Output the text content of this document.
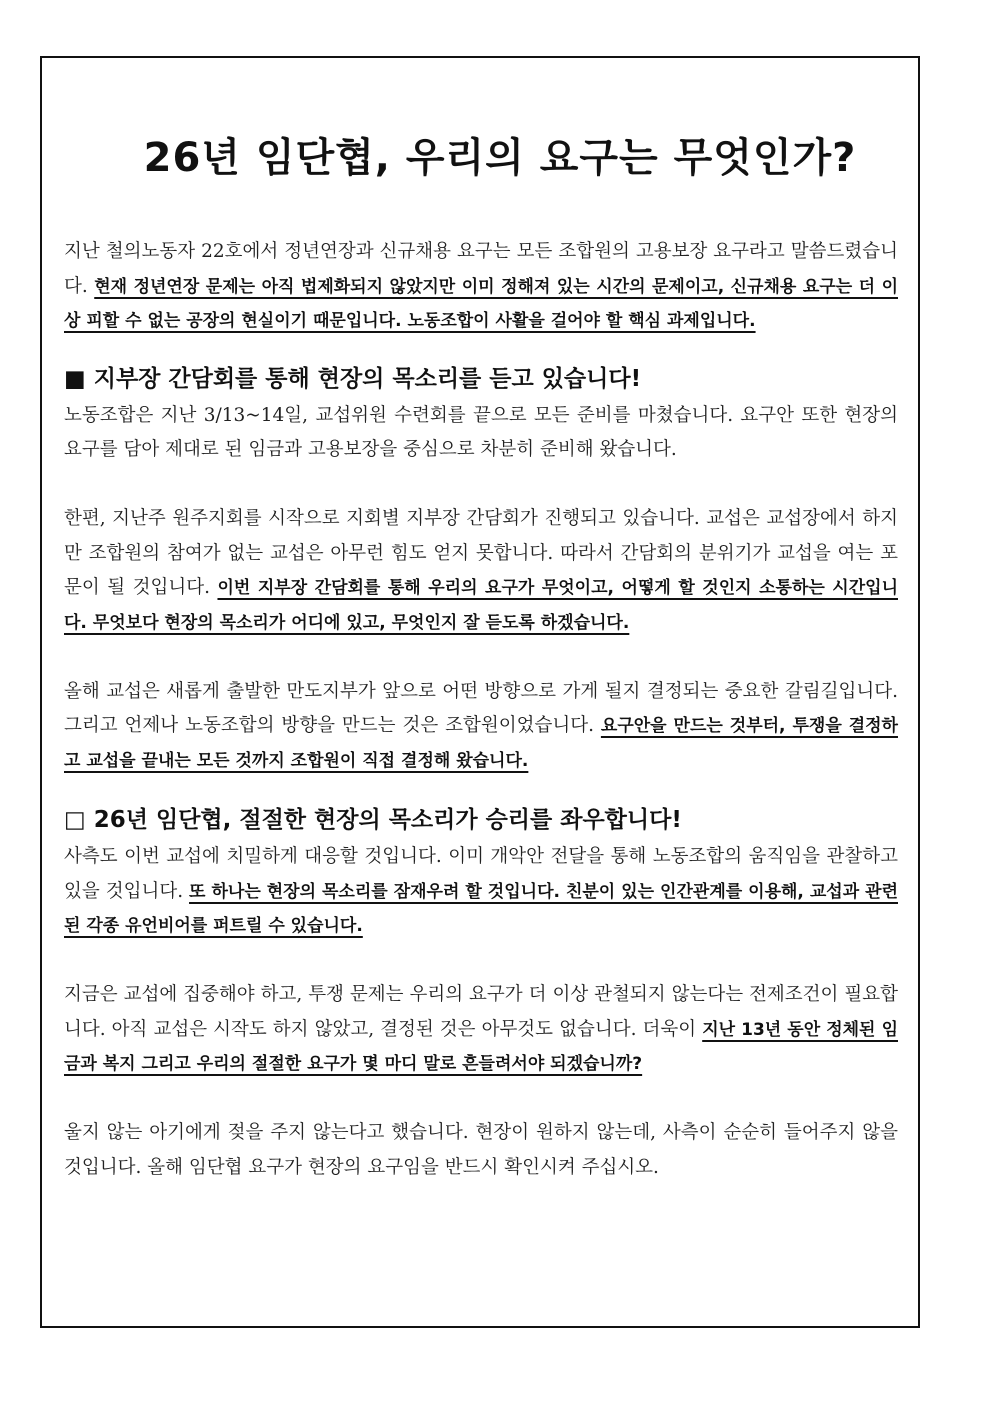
26년 임단협, 우리의 요구는 무엇인가?

지난 철의노동자 22호에서 정년연장과 신규채용 요구는 모든 조합원의 고용보장 요구라고 말씀드렸습니다. 현재 정년연장 문제는 아직 법제화되지 않았지만 이미 정해져 있는 시간의 문제이고, 신규채용 요구는 더 이상 피할 수 없는 공장의 현실이기 때문입니다. 노동조합이 사활을 걸어야 할 핵심 과제입니다.

■ 지부장 간담회를 통해 현장의 목소리를 듣고 있습니다!

노동조합은 지난 3/13~14일, 교섭위원 수련회를 끝으로 모든 준비를 마쳤습니다. 요구안 또한 현장의 요구를 담아 제대로 된 임금과 고용보장을 중심으로 차분히 준비해 왔습니다.

한편, 지난주 원주지회를 시작으로 지회별 지부장 간담회가 진행되고 있습니다. 교섭은 교섭장에서 하지만 조합원의 참여가 없는 교섭은 아무런 힘도 얻지 못합니다. 따라서 간담회의 분위기가 교섭을 여는 포문이 될 것입니다. 이번 지부장 간담회를 통해 우리의 요구가 무엇이고, 어떻게 할 것인지 소통하는 시간입니다. 무엇보다 현장의 목소리가 어디에 있고, 무엇인지 잘 듣도록 하겠습니다.

올해 교섭은 새롭게 출발한 만도지부가 앞으로 어떤 방향으로 가게 될지 결정되는 중요한 갈림길입니다. 그리고 언제나 노동조합의 방향을 만드는 것은 조합원이었습니다. 요구안을 만드는 것부터, 투쟁을 결정하고 교섭을 끝내는 모든 것까지 조합원이 직접 결정해 왔습니다.

□ 26년 임단협, 절절한 현장의 목소리가 승리를 좌우합니다!

사측도 이번 교섭에 치밀하게 대응할 것입니다. 이미 개악안 전달을 통해 노동조합의 움직임을 관찰하고 있을 것입니다. 또 하나는 현장의 목소리를 잠재우려 할 것입니다. 친분이 있는 인간관계를 이용해, 교섭과 관련된 각종 유언비어를 퍼트릴 수 있습니다.

지금은 교섭에 집중해야 하고, 투쟁 문제는 우리의 요구가 더 이상 관철되지 않는다는 전제조건이 필요합니다. 아직 교섭은 시작도 하지 않았고, 결정된 것은 아무것도 없습니다. 더욱이 지난 13년 동안 정체된 임금과 복지 그리고 우리의 절절한 요구가 몇 마디 말로 흔들려서야 되겠습니까?

울지 않는 아기에게 젖을 주지 않는다고 했습니다. 현장이 원하지 않는데, 사측이 순순히 들어주지 않을 것입니다. 올해 임단협 요구가 현장의 요구임을 반드시 확인시켜 주십시오.
